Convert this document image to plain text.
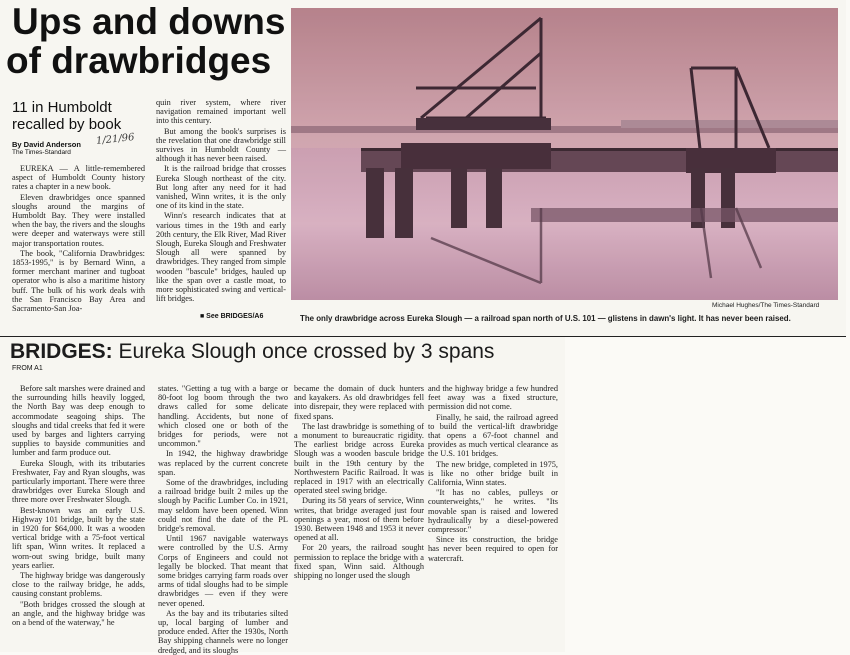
Ups and downs
of drawbridges
11 in Humboldt
recalled by book
By David Anderson
The Times-Standard
1/21/96

EUREKA — A little-remembered aspect of Humboldt County history rates a chapter in a new book.

Eleven drawbridges once spanned sloughs around the margins of Humboldt Bay. They were installed when the bay, the rivers and the sloughs were deeper and waterways were still major transportation routes.

The book, "California Drawbridges: 1853-1995," is by Bernard Winn, a former merchant mariner and tugboat operator who is also a maritime history buff. The bulk of his work deals with the San Francisco Bay Area and Sacramento-San Joa-

quin river system, where river navigation remained important well into this century.

But among the book's surprises is the revelation that one drawbridge still survives in Humboldt County — although it has never been raised.

It is the railroad bridge that crosses Eureka Slough northeast of the city. But long after any need for it had vanished, Winn writes, it is the only one of its kind in the state.

Winn's research indicates that at various times in the 19th and early 20th century, the Elk River, Mad River Slough, Eureka Slough and Freshwater Slough all were spanned by drawbridges. They ranged from simple wooden "bascule" bridges, hauled up like the span over a castle moat, to more sophisticated swing and vertical-lift bridges.

■ See BRIDGES/A6
Michael Hughes/The Times-Standard
The only drawbridge across Eureka Slough — a railroad span north of U.S. 101 — glistens in dawn's light. It has never been raised.
BRIDGES: Eureka Slough once crossed by 3 spans
FROM A1

Before salt marshes were drained and the surrounding hills heavily logged, the North Bay was deep enough to accommodate seagoing ships. The sloughs and tidal creeks that fed it were used by barges and lighters carrying supplies to bayside communities and lumber and farm produce out.

Eureka Slough, with its tributaries Freshwater, Fay and Ryan sloughs, was particularly important. There were three drawbridges over Eureka Slough and three more over Freshwater Slough.

Best-known was an early U.S. Highway 101 bridge, built by the state in 1920 for $64,000. It was a wooden vertical bridge with a 75-foot vertical lift span, Winn writes. It replaced a worn-out swing bridge, built many years earlier.

The highway bridge was dangerously close to the railway bridge, he adds, causing constant problems.

"Both bridges crossed the slough at an angle, and the highway bridge was on a bend of the waterway," he

states. "Getting a tug with a barge or 80-foot log boom through the two draws called for some delicate handling. Accidents, but none of which closed one or both of the bridges for periods, were not uncommon."

In 1942, the highway drawbridge was replaced by the current concrete span.

Some of the drawbridges, including a railroad bridge built 2 miles up the slough by Pacific Lumber Co. in 1921, may seldom have been opened. Winn could not find the date of the PL bridge's removal.

Until 1967 navigable waterways were controlled by the U.S. Army Corps of Engineers and could not legally be blocked. That meant that some bridges carrying farm roads over arms of tidal sloughs had to be simple drawbridges — even if they were never opened.

As the bay and its tributaries silted up, local barging of lumber and produce ended. After the 1930s, North Bay shipping channels were no longer dredged, and its sloughs

became the domain of duck hunters and kayakers. As old drawbridges fell into disrepair, they were replaced with fixed spans.

The last drawbridge is something of a monument to bureaucratic rigidity. The earliest bridge across Eureka Slough was a wooden bascule bridge built in the 19th century by the Northwestern Pacific Railroad. It was replaced in 1917 with an electrically operated steel swing bridge.

During its 58 years of service, Winn writes, that bridge averaged just four openings a year, most of them before 1930. Between 1948 and 1953 it never opened at all.

For 20 years, the railroad sought permission to replace the bridge with a fixed span, Winn said. Although shipping no longer used the slough

and the highway bridge a few hundred feet away was a fixed structure, permission did not come.

Finally, he said, the railroad agreed to build the vertical-lift drawbridge that opens a 67-foot channel and provides as much vertical clearance as the U.S. 101 bridges.

The new bridge, completed in 1975, is like no other bridge built in California, Winn states.

"It has no cables, pulleys or counterweights," he writes. "Its movable span is raised and lowered hydraulically by a diesel-powered compressor."

Since its construction, the bridge has never been required to open for watercraft.
